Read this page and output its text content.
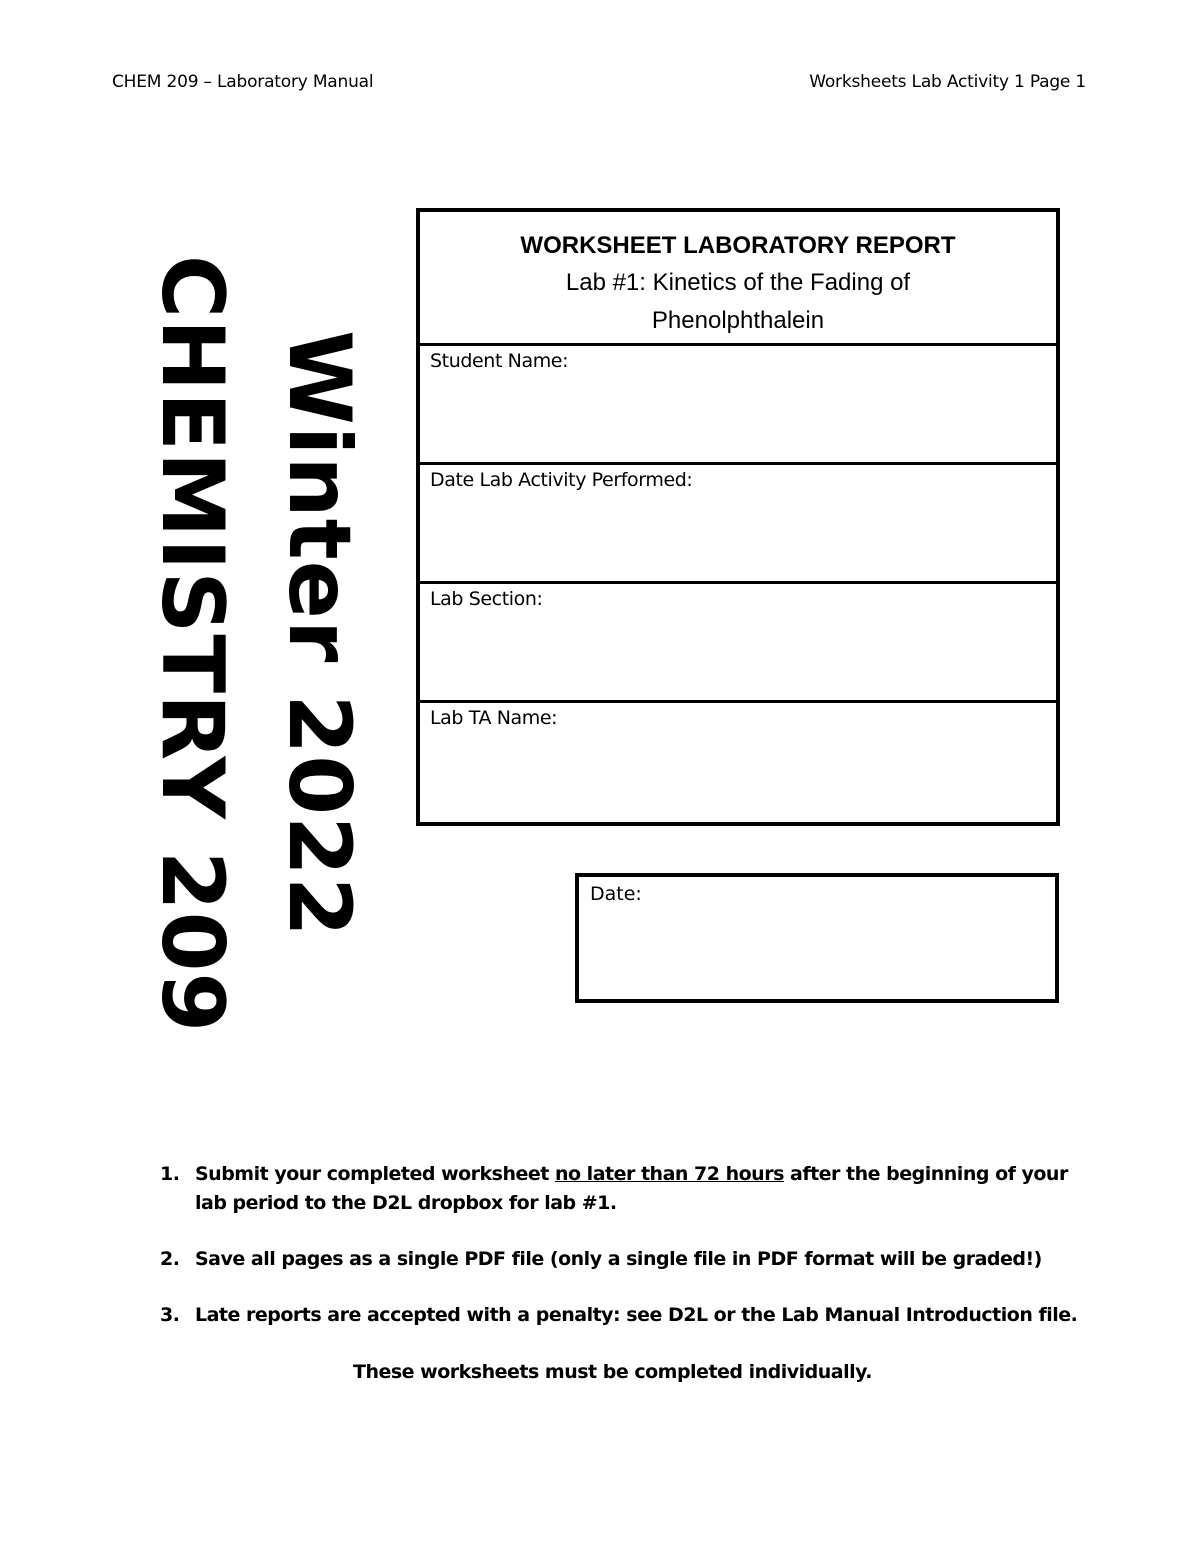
CHEM 209 – Laboratory Manual	Worksheets Lab Activity 1 Page 1
CHEMISTRY 209 Winter 2022
WORKSHEET LABORATORY REPORT
Lab #1: Kinetics of the Fading of Phenolphthalein
Student Name:
Date Lab Activity Performed:
Lab Section:
Lab TA Name:
Date:
1. Submit your completed worksheet no later than 72 hours after the beginning of your lab period to the D2L dropbox for lab #1.
2. Save all pages as a single PDF file (only a single file in PDF format will be graded!)
3. Late reports are accepted with a penalty: see D2L or the Lab Manual Introduction file.
These worksheets must be completed individually.
